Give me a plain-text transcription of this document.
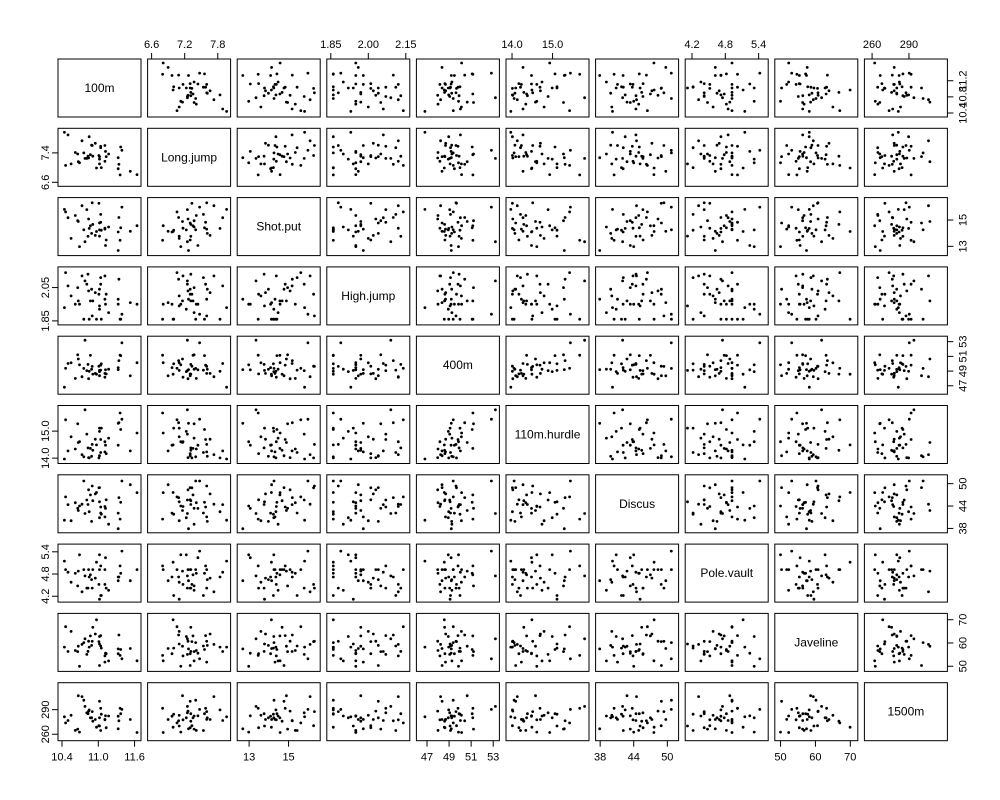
100m
Long.jump
Shot.put
High.jump
400m
110m.hurdle
Discus
Pole.vault
Javeline
1500m
6.6 7.2 7.8	1.85 2.00 2.15	14.0 15.0	4.2 4.8 5.4	260 290
10.4 11.0 11.6	13 15	47 49 51 53	38 44 50	50 60 70
6.6
7.4
1.85
2.05
14.0
15.0
4.2
4.8
5.4
260
290
10.4
10.8
11.2
13
15
47
49
51
53
38
44
50
50
60
70
